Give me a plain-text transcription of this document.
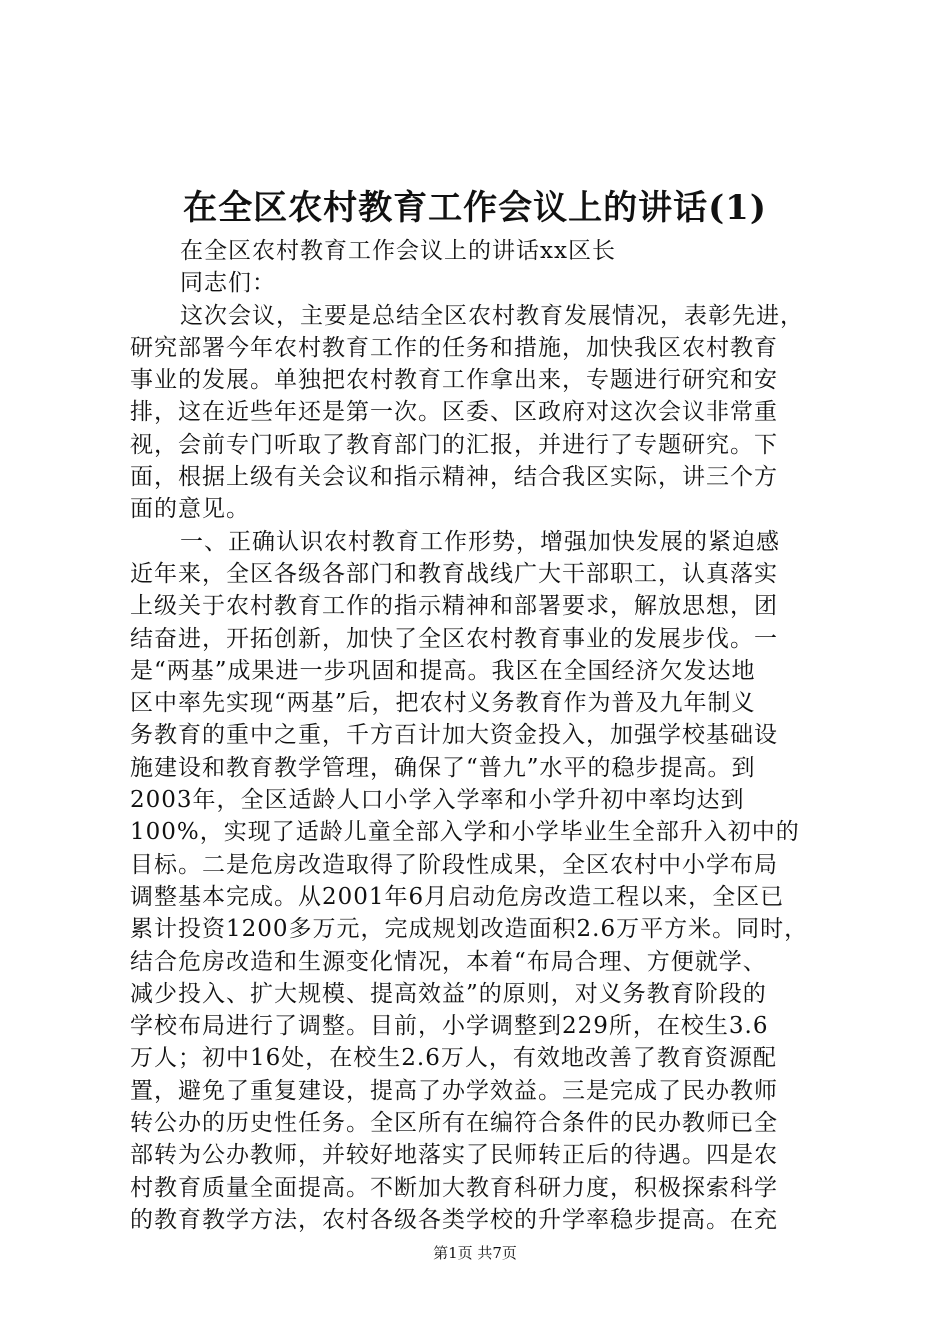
在全区农村教育工作会议上的讲话(1)
在全区农村教育工作会议上的讲话xx区长
同志们：
这次会议，主要是总结全区农村教育发展情况，表彰先进，
研究部署今年农村教育工作的任务和措施，加快我区农村教育
事业的发展。单独把农村教育工作拿出来，专题进行研究和安
排，这在近些年还是第一次。区委、区政府对这次会议非常重
视，会前专门听取了教育部门的汇报，并进行了专题研究。下
面，根据上级有关会议和指示精神，结合我区实际，讲三个方
面的意见。
一、正确认识农村教育工作形势，增强加快发展的紧迫感
近年来，全区各级各部门和教育战线广大干部职工，认真落实
上级关于农村教育工作的指示精神和部署要求，解放思想，团
结奋进，开拓创新，加快了全区农村教育事业的发展步伐。一
是“两基”成果进一步巩固和提高。我区在全国经济欠发达地
区中率先实现“两基”后，把农村义务教育作为普及九年制义
务教育的重中之重，千方百计加大资金投入，加强学校基础设
施建设和教育教学管理，确保了“普九”水平的稳步提高。到
2003年，全区适龄人口小学入学率和小学升初中率均达到
100%，实现了适龄儿童全部入学和小学毕业生全部升入初中的
目标。二是危房改造取得了阶段性成果，全区农村中小学布局
调整基本完成。从2001年6月启动危房改造工程以来，全区已
累计投资1200多万元，完成规划改造面积2.6万平方米。同时，
结合危房改造和生源变化情况，本着“布局合理、方便就学、
减少投入、扩大规模、提高效益”的原则，对义务教育阶段的
学校布局进行了调整。目前，小学调整到229所，在校生3.6
万人；初中16处，在校生2.6万人，有效地改善了教育资源配
置，避免了重复建设，提高了办学效益。三是完成了民办教师
转公办的历史性任务。全区所有在编符合条件的民办教师已全
部转为公办教师，并较好地落实了民师转正后的待遇。四是农
村教育质量全面提高。不断加大教育科研力度，积极探索科学
的教育教学方法，农村各级各类学校的升学率稳步提高。在充
第1页 共7页
